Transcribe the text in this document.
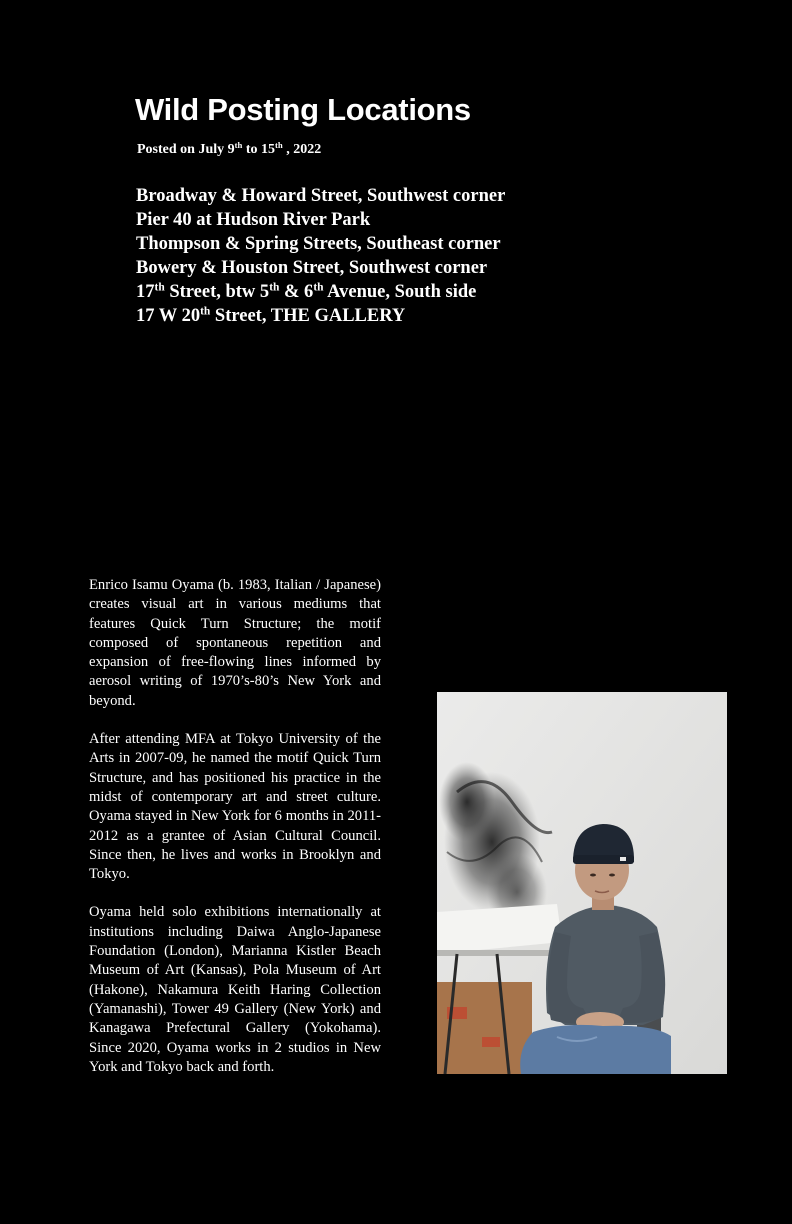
Wild Posting Locations
Posted on July 9th to 15th , 2022
Broadway & Howard Street, Southwest corner
Pier 40 at Hudson River Park
Thompson & Spring Streets, Southeast corner
Bowery & Houston Street, Southwest corner
17th Street, btw 5th & 6th Avenue, South side
17 W 20th Street, THE GALLERY

Enrico Isamu Oyama (b. 1983, Italian / Japanese) creates visual art in various mediums that features Quick Turn Structure; the motif composed of spontaneous repetition and expansion of free-flowing lines informed by aerosol writing of 1970’s-80’s New York and beyond.

After attending MFA at Tokyo University of the Arts in 2007-09, he named the motif Quick Turn Structure, and has positioned his practice in the midst of contemporary art and street culture. Oyama stayed in New York for 6 months in 2011-2012 as a grantee of Asian Cultural Council. Since then, he lives and works in Brooklyn and Tokyo.

Oyama held solo exhibitions internationally at institutions including Daiwa Anglo-Japanese Foundation (London), Marianna Kistler Beach Museum of Art (Kansas), Pola Museum of Art (Hakone), Nakamura Keith Haring Collection (Yamanashi), Tower 49 Gallery (New York) and Kanagawa Prefectural Gallery (Yokohama). Since 2020, Oyama works in 2 studios in New York and Tokyo back and forth.
